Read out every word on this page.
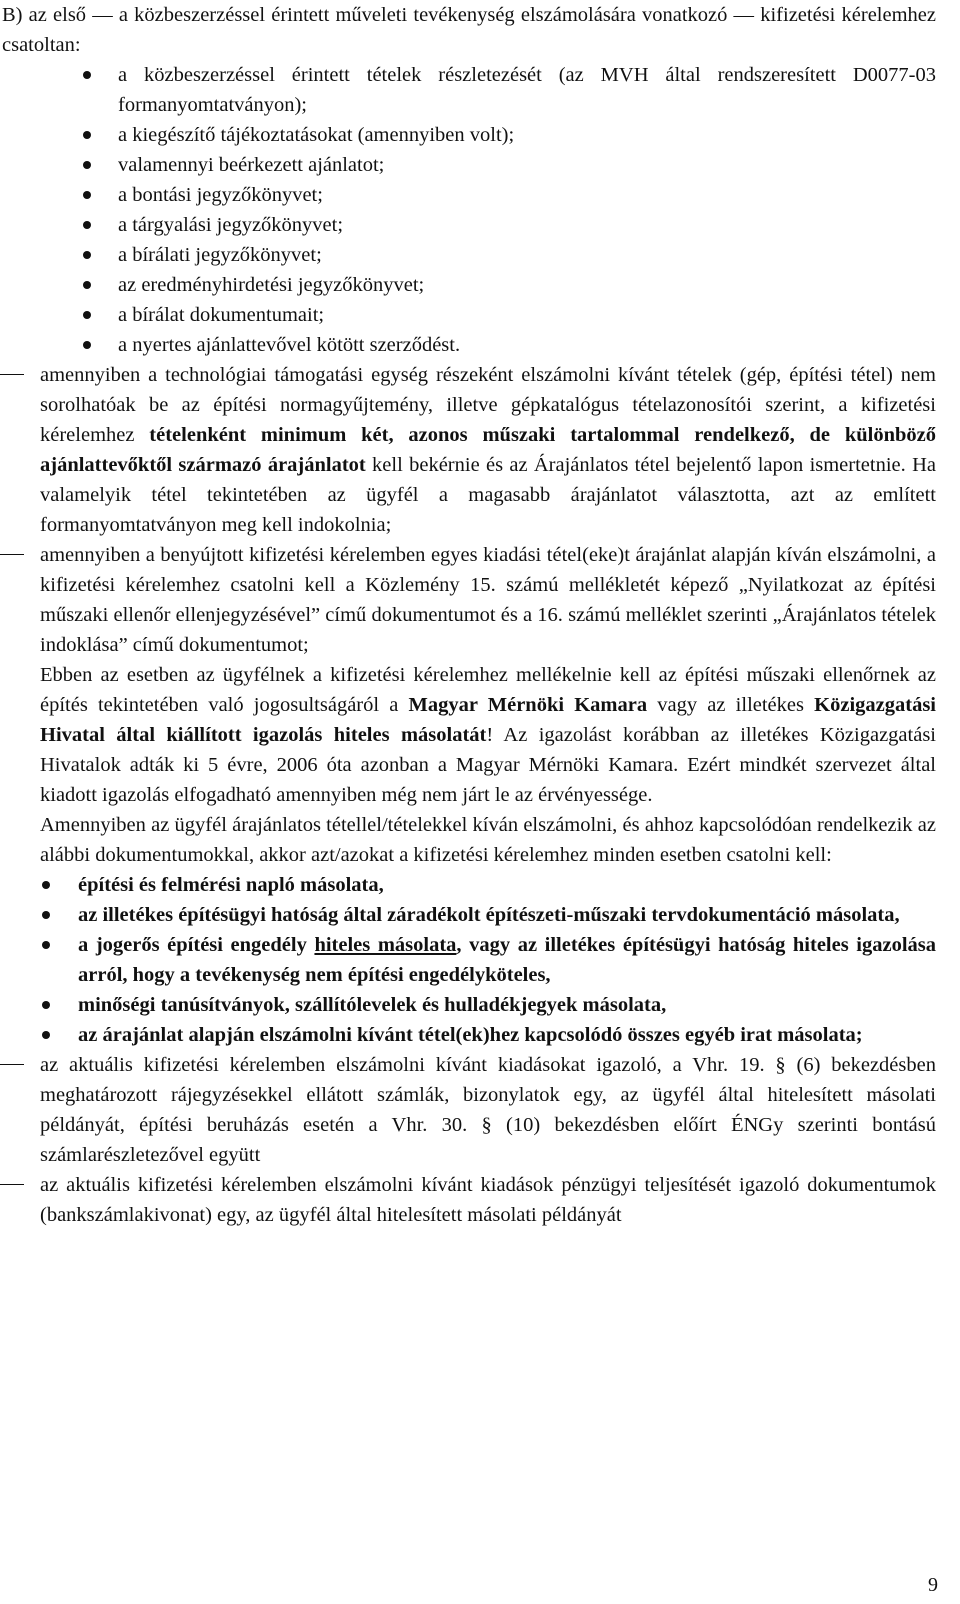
B) az első — a közbeszerzéssel érintett műveleti tevékenység elszámolására vonatkozó — kifizetési kérelemhez csatoltan:

a közbeszerzéssel érintett tételek részletezését (az MVH által rendszeresített D0077-03 formanyomtatványon);
a kiegészítő tájékoztatásokat (amennyiben volt);
valamennyi beérkezett ajánlatot;
a bontási jegyzőkönyvet;
a tárgyalási jegyzőkönyvet;
a bírálati jegyzőkönyvet;
az eredményhirdetési jegyzőkönyvet;
a bírálat dokumentumait;
a nyertes ajánlattevővel kötött szerződést.

amennyiben a technológiai támogatási egység részeként elszámolni kívánt tételek (gép, építési tétel) nem sorolhatóak be az építési normagyűjtemény, illetve gépkatalógus tételazonosítói szerint, a kifizetési kérelemhez tételenként minimum két, azonos műszaki tartalommal rendelkező, de különböző ajánlattevőktől származó árajánlatot kell bekérnie és az Árajánlatos tétel bejelentő lapon ismertetnie. Ha valamelyik tétel tekintetében az ügyfél a magasabb árajánlatot választotta, azt az említett formanyomtatványon meg kell indokolnia;

amennyiben a benyújtott kifizetési kérelemben egyes kiadási tétel(eke)t árajánlat alapján kíván elszámolni, a kifizetési kérelemhez csatolni kell a Közlemény 15. számú mellékletét képező „Nyilatkozat az építési műszaki ellenőr ellenjegyzésével” című dokumentumot és a 16. számú melléklet szerinti „Árajánlatos tételek indoklása” című dokumentumot;

Ebben az esetben az ügyfélnek a kifizetési kérelemhez mellékelnie kell az építési műszaki ellenőrnek az építés tekintetében való jogosultságáról a Magyar Mérnöki Kamara vagy az illetékes Közigazgatási Hivatal által kiállított igazolás hiteles másolatát! Az igazolást korábban az illetékes Közigazgatási Hivatalok adták ki 5 évre, 2006 óta azonban a Magyar Mérnöki Kamara. Ezért mindkét szervezet által kiadott igazolás elfogadható amennyiben még nem járt le az érvényessége.

Amennyiben az ügyfél árajánlatos tétellel/tételekkel kíván elszámolni, és ahhoz kapcsolódóan rendelkezik az alábbi dokumentumokkal, akkor azt/azokat a kifizetési kérelemhez minden esetben csatolni kell:

építési és felmérési napló másolata,
az illetékes építésügyi hatóság által záradékolt építészeti-műszaki tervdokumentáció másolata,
a jogerős építési engedély hiteles másolata, vagy az illetékes építésügyi hatóság hiteles igazolása arról, hogy a tevékenység nem építési engedélyköteles,
minőségi tanúsítványok, szállítólevelek és hulladékjegyek másolata,
az árajánlat alapján elszámolni kívánt tétel(ek)hez kapcsolódó összes egyéb irat másolata;

az aktuális kifizetési kérelemben elszámolni kívánt kiadásokat igazoló, a Vhr. 19. § (6) bekezdésben meghatározott rájegyzésekkel ellátott számlák, bizonylatok egy, az ügyfél által hitelesített másolati példányát, építési beruházás esetén a Vhr. 30. § (10) bekezdésben előírt ÉNGy szerinti bontású számlarészletezővel együtt

az aktuális kifizetési kérelemben elszámolni kívánt kiadások pénzügyi teljesítését igazoló dokumentumok (bankszámlakivonat) egy, az ügyfél által hitelesített másolati példányát

9
